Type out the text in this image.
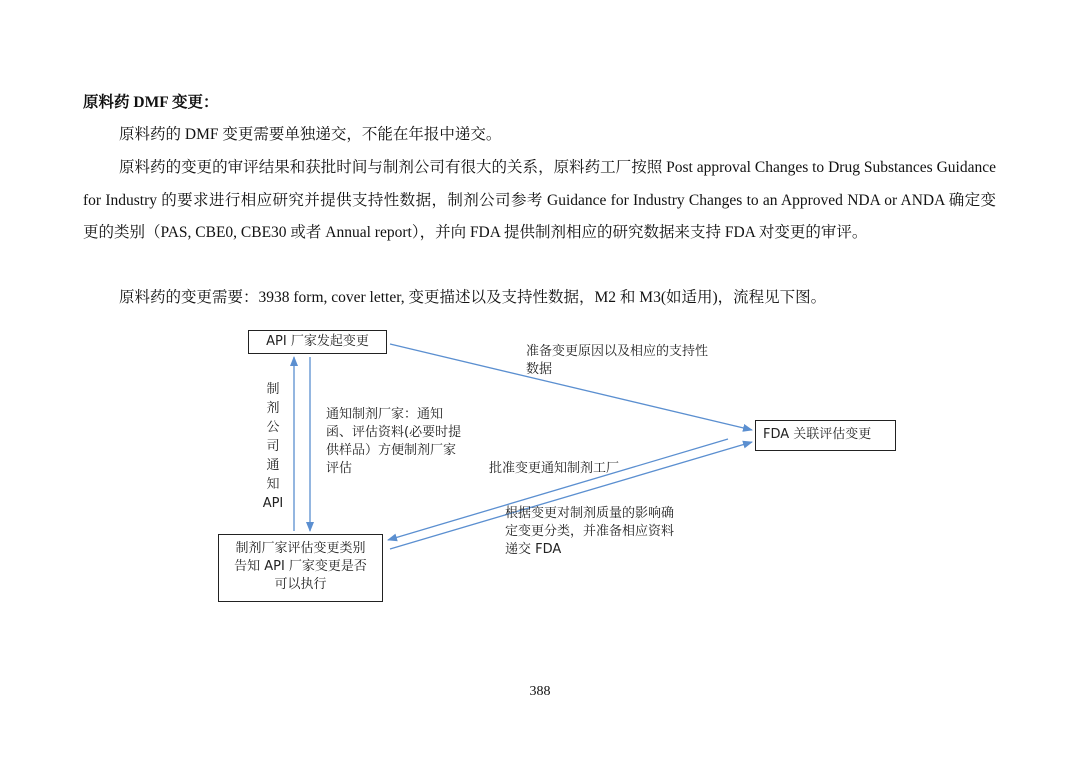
原料药 DMF 变更：
原料药的 DMF 变更需要单独递交，不能在年报中递交。
原料药的变更的审评结果和获批时间与制剂公司有很大的关系，原料药工厂按照 Post approval Changes to Drug Substances Guidance for Industry 的要求进行相应研究并提供支持性数据，制剂公司参考 Guidance for Industry Changes to an Approved NDA or ANDA 确定变更的类别（PAS, CBE0, CBE30 或者 Annual report），并向 FDA 提供制剂相应的研究数据来支持 FDA 对变更的审评。
原料药的变更需要：3938 form, cover letter, 变更描述以及支持性数据，M2 和 M3(如适用)，流程见下图。
API 厂家发起变更
FDA 关联评估变更
制剂厂家评估变更类别
告知 API 厂家变更是否
可以执行
准备变更原因以及相应的支持性数据
通知制剂厂家：通知函、评估资料(必要时提供样品）方便制剂厂家评估	批准变更通知制剂工厂
根据变更对制剂质量的影响确定变更分类，并准备相应资料递交 FDA
制
剂
公
司
通
知
API
388
